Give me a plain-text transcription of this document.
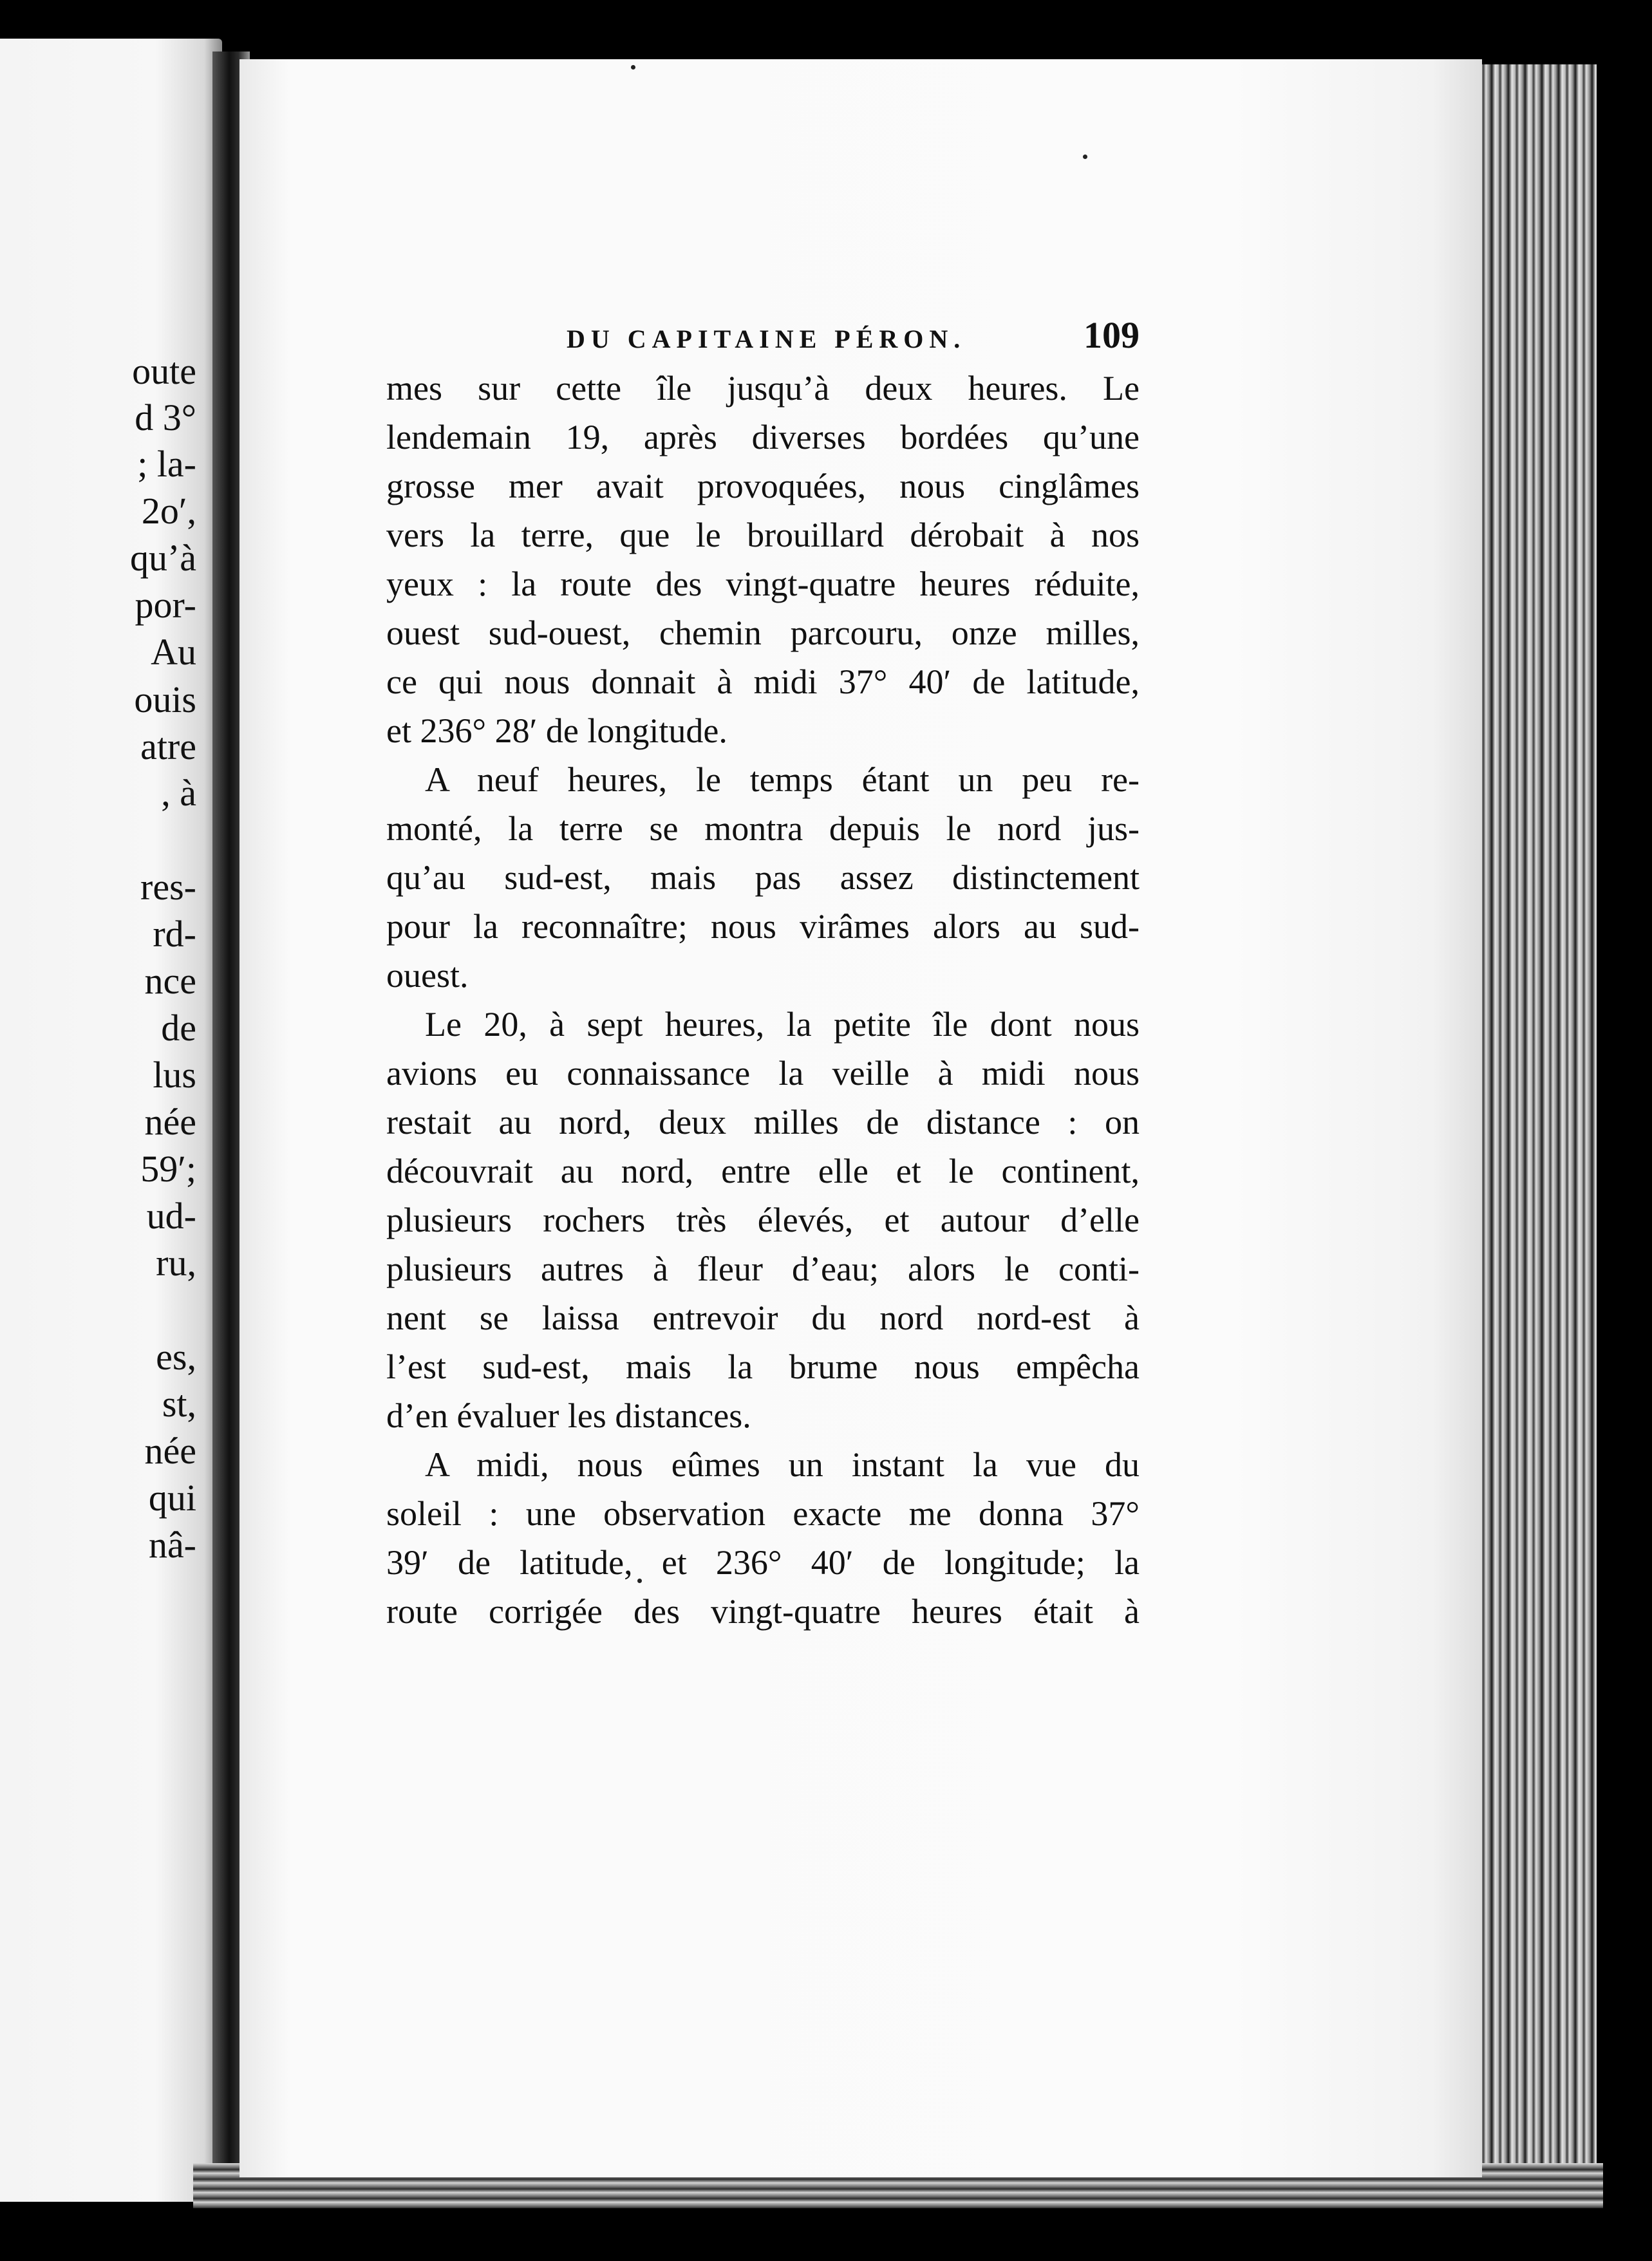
oute

d 3°

; la-

2o′,

qu’à

por-

Au

ouis

atre

, à

res-

rd-

nce

de

lus

née

59′;

ud-

ru,

es,

st,

née

qui

nâ-

DU CAPITAINE PÉRON.	109

mes sur cette île jusqu’à deux heures. Le

lendemain 19, après diverses bordées qu’une

grosse mer avait provoquées, nous cinglâmes

vers la terre, que le brouillard dérobait à nos

yeux : la route des vingt-quatre heures réduite,

ouest sud-ouest, chemin parcouru, onze milles,

ce qui nous donnait à midi 37° 40′ de latitude,

et 236° 28′ de longitude.

A neuf heures, le temps étant un peu re-

monté, la terre se montra depuis le nord jus-

qu’au sud-est, mais pas assez distinctement

pour la reconnaître; nous virâmes alors au sud-

ouest.

Le 20, à sept heures, la petite île dont nous

avions eu connaissance la veille à midi nous

restait au nord, deux milles de distance : on

découvrait au nord, entre elle et le continent,

plusieurs rochers très élevés, et autour d’elle

plusieurs autres à fleur d’eau; alors le conti-

nent se laissa entrevoir du nord nord-est à

l’est sud-est, mais la brume nous empêcha

d’en évaluer les distances.

A midi, nous eûmes un instant la vue du

soleil : une observation exacte me donna 37°

39′ de latitude, et 236° 40′ de longitude; la

route corrigée des vingt-quatre heures était à
